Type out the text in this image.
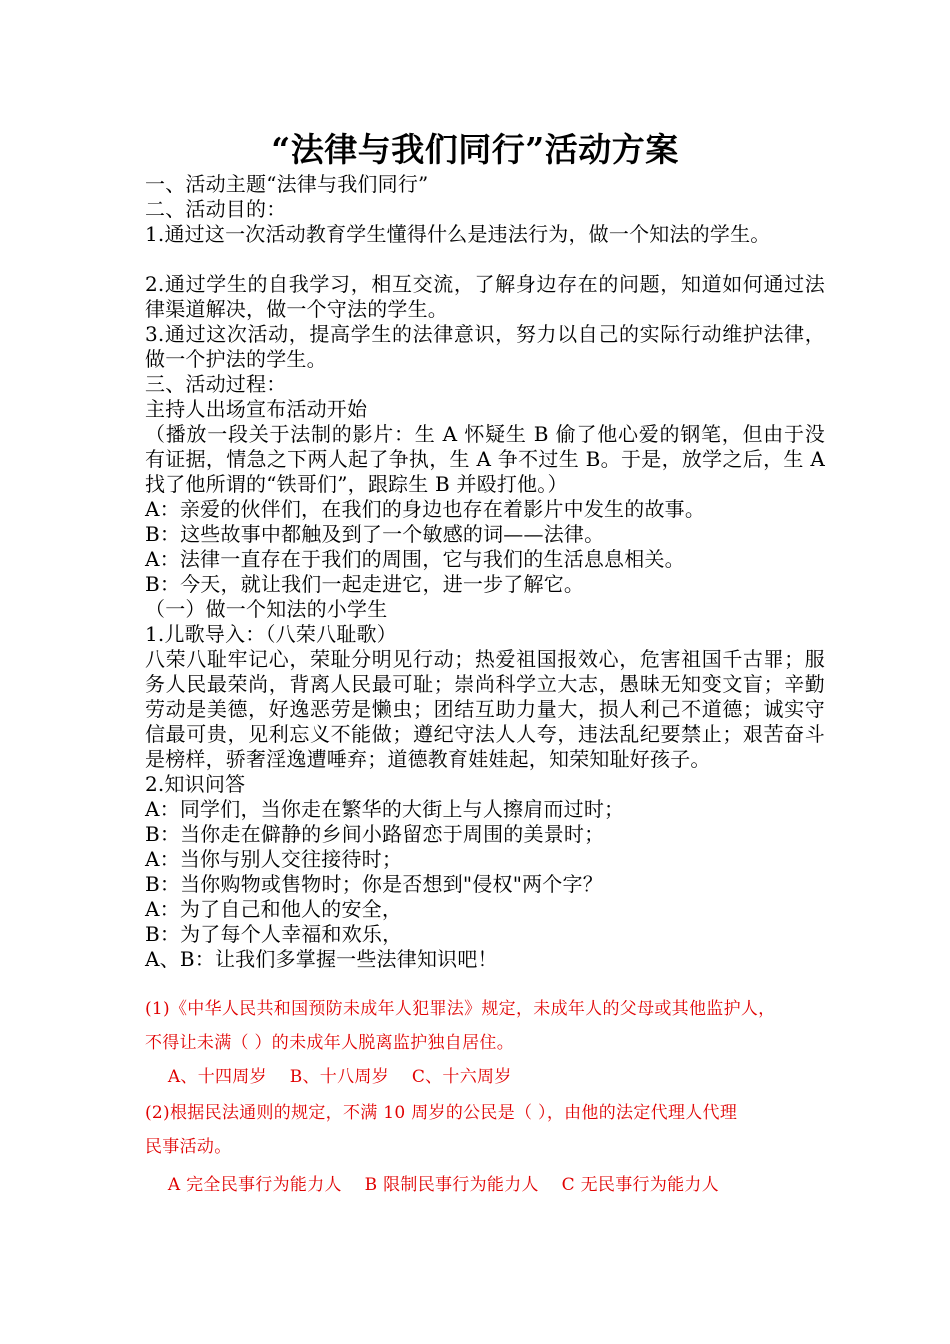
“法律与我们同行”活动方案
一、活动主题“法律与我们同行”
二、活动目的：
1.通过这一次活动教育学生懂得什么是违法行为，做一个知法的学生。
2.通过学生的自我学习，相互交流，了解身边存在的问题，知道如何通过法律渠道解决，做一个守法的学生。
3.通过这次活动，提高学生的法律意识，努力以自己的实际行动维护法律，做一个护法的学生。
三、活动过程：
主持人出场宣布活动开始
（播放一段关于法制的影片：生 A 怀疑生 B 偷了他心爱的钢笔，但由于没有证据，情急之下两人起了争执，生 A 争不过生 B。于是，放学之后，生 A 找了他所谓的“铁哥们”，跟踪生 B 并殴打他。）
A：亲爱的伙伴们，在我们的身边也存在着影片中发生的故事。
B：这些故事中都触及到了一个敏感的词——法律。
A：法律一直存在于我们的周围，它与我们的生活息息相关。
B：今天，就让我们一起走进它，进一步了解它。
（一）做一个知法的小学生
1.儿歌导入：（八荣八耻歌）
八荣八耻牢记心，荣耻分明见行动；热爱祖国报效心，危害祖国千古罪；服务人民最荣尚，背离人民最可耻；崇尚科学立大志，愚昧无知变文盲；辛勤劳动是美德，好逸恶劳是懒虫；团结互助力量大，损人利己不道德；诚实守信最可贵，见利忘义不能做；遵纪守法人人夸，违法乱纪要禁止；艰苦奋斗是榜样，骄奢淫逸遭唾弃；道德教育娃娃起，知荣知耻好孩子。
2.知识问答
A：同学们，当你走在繁华的大街上与人擦肩而过时；
B：当你走在僻静的乡间小路留恋于周围的美景时；
A：当你与别人交往接待时；
B：当你购物或售物时；你是否想到"侵权"两个字？
A：为了自己和他人的安全，
B：为了每个人幸福和欢乐，
A、B：让我们多掌握一些法律知识吧！
(1)《中华人民共和国预防未成年人犯罪法》规定，未成年人的父母或其他监护人，
不得让未满（ ）的未成年人脱离监护独自居住。
A、十四周岁    B、十八周岁    C、十六周岁
(2)根据民法通则的规定，不满 10 周岁的公民是（ ），由他的法定代理人代理
民事活动。
A 完全民事行为能力人    B 限制民事行为能力人    C 无民事行为能力人
